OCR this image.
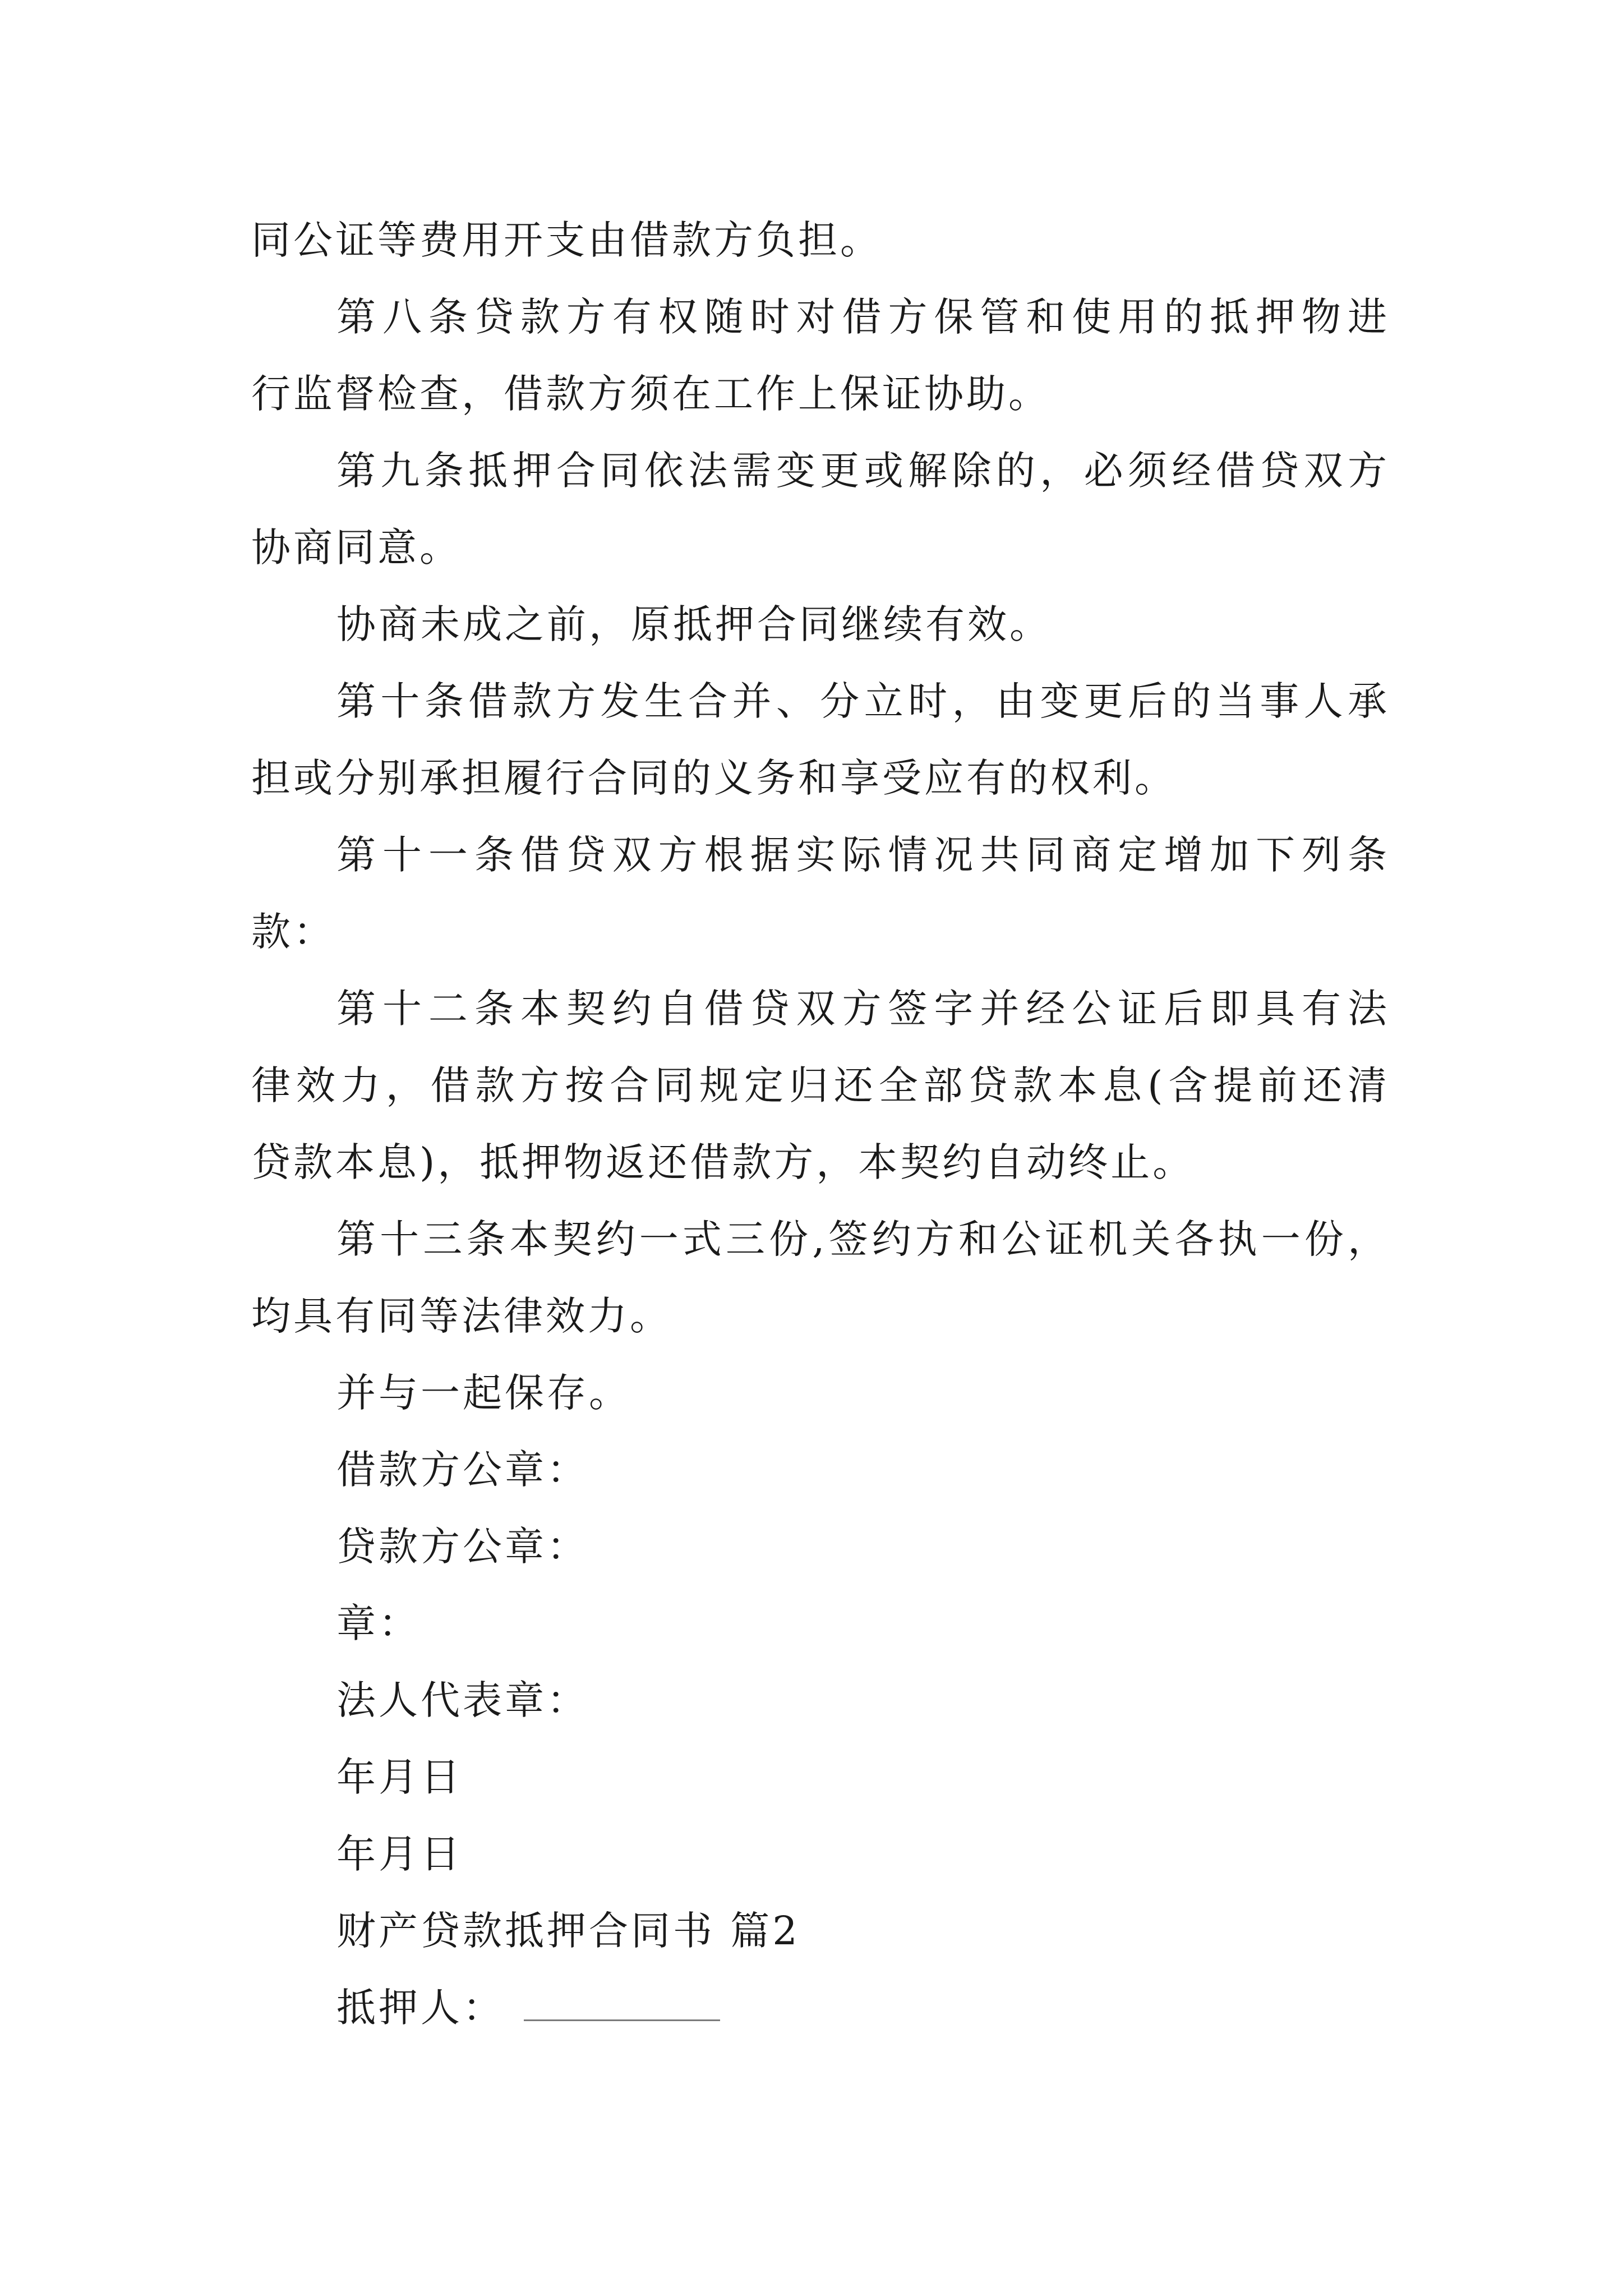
同公证等费用开支由借款方负担。
第八条贷款方有权随时对借方保管和使用的抵押物进
行监督检查，借款方须在工作上保证协助。
第九条抵押合同依法需变更或解除的，必须经借贷双方
协商同意。
协商未成之前，原抵押合同继续有效。
第十条借款方发生合并、分立时，由变更后的当事人承
担或分别承担履行合同的义务和享受应有的权利。
第十一条借贷双方根据实际情况共同商定增加下列条
款：
第十二条本契约自借贷双方签字并经公证后即具有法
律效力，借款方按合同规定归还全部贷款本息(含提前还清
贷款本息)，抵押物返还借款方，本契约自动终止。
第十三条本契约一式三份,签约方和公证机关各执一份，
均具有同等法律效力。
并与一起保存。
借款方公章：
贷款方公章：
章：
法人代表章：
年月日
年月日
财产贷款抵押合同书 篇2
抵押人：
